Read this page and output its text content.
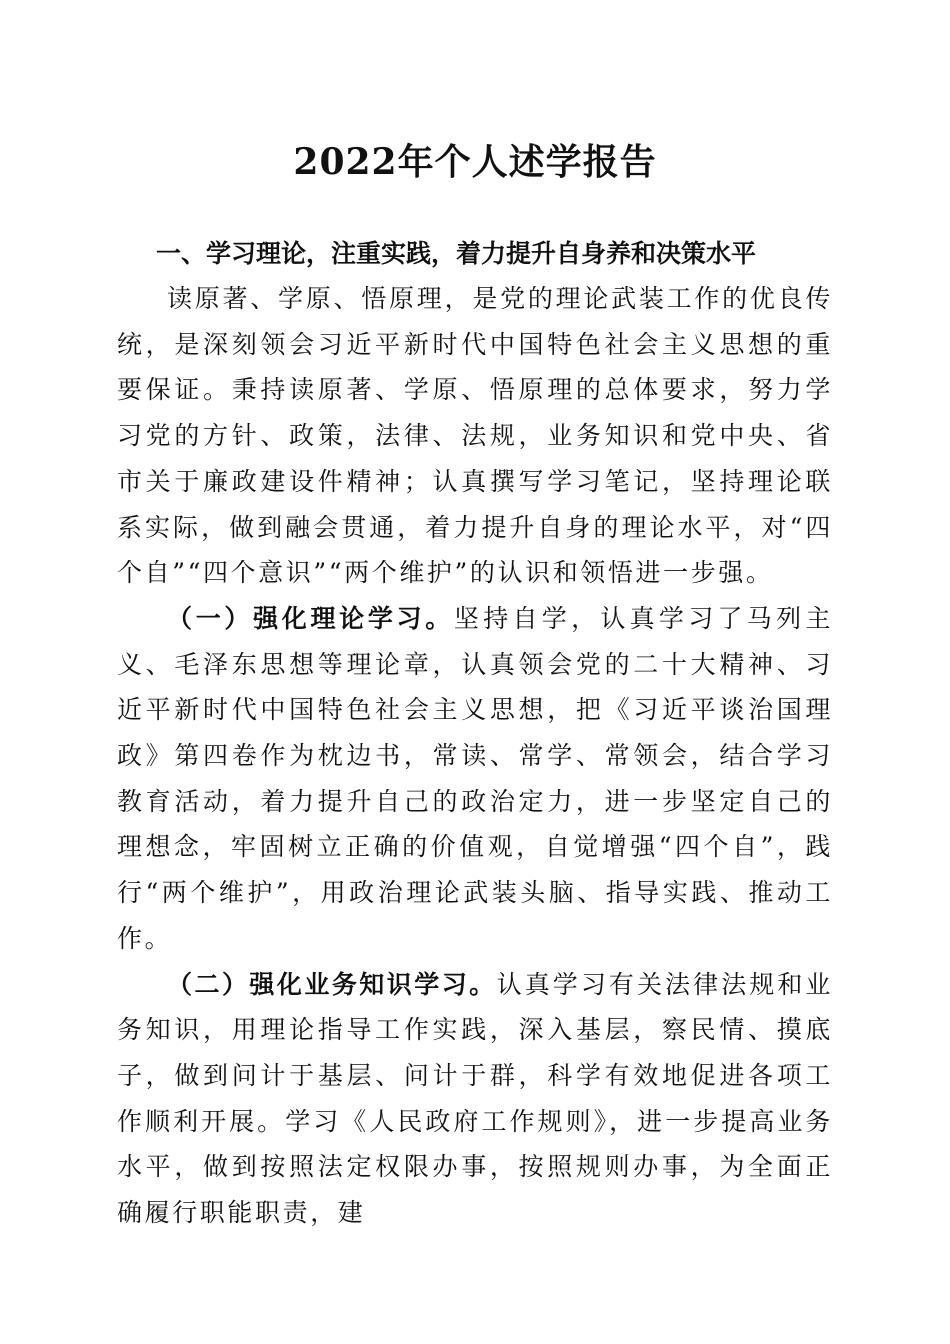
2022年个人述学报告
一、学习理论，注重实践，着力提升自身养和决策水平

读原著、学原、悟原理，是党的理论武装工作的优良传统，是深刻领会习近平新时代中国特色社会主义思想的重要保证。秉持读原著、学原、悟原理的总体要求，努力学习党的方针、政策，法律、法规，业务知识和党中央、省市关于廉政建设件精神；认真撰写学习笔记，坚持理论联系实际，做到融会贯通，着力提升自身的理论水平，对“四个自”“四个意识”“两个维护”的认识和领悟进一步强。

（一）强化理论学习。坚持自学，认真学习了马列主义、毛泽东思想等理论章，认真领会党的二十大精神、习近平新时代中国特色社会主义思想，把《习近平谈治国理政》第四卷作为枕边书，常读、常学、常领会，结合学习教育活动，着力提升自己的政治定力，进一步坚定自己的理想念，牢固树立正确的价值观，自觉增强“四个自”，践行“两个维护”，用政治理论武装头脑、指导实践、推动工作。

（二）强化业务知识学习。认真学习有关法律法规和业务知识，用理论指导工作实践，深入基层，察民情、摸底子，做到问计于基层、问计于群，科学有效地促进各项工作顺利开展。学习《人民政府工作规则》，进一步提高业务水平，做到按照法定权限办事，按照规则办事，为全面正确履行职能职责，建
